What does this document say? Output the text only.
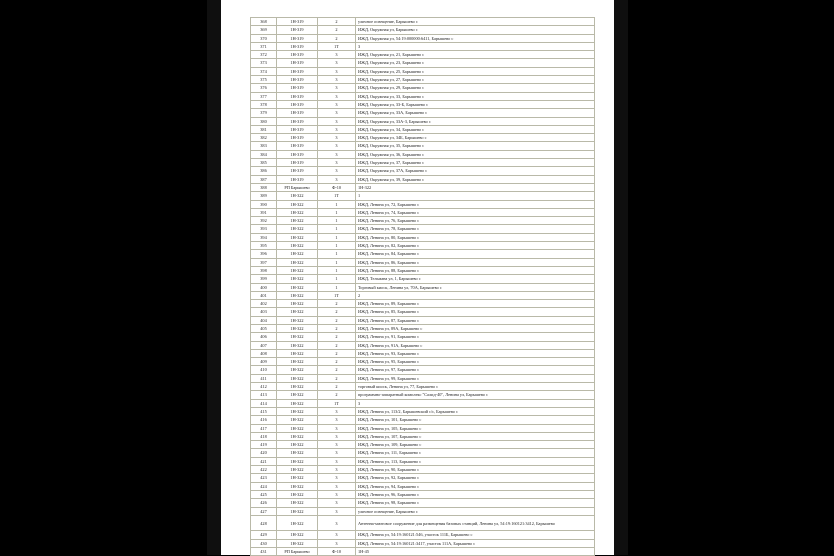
368	1Н-319	2	уличное освещение, Барышево с
369	1Н-319	2	ИЖД, Окружная ул, Барышево с
370	1Н-319	2	ИЖД, Окружная ул, 54:19:000000:6411, Барышево с
371	1Н-319	1Т	3
372	1Н-319	3	ИЖД, Окружная ул, 21, Барышево с
373	1Н-319	3	ИЖД, Окружная ул, 23, Барышево с
374	1Н-319	3	ИЖД, Окружная ул, 25, Барышево с
375	1Н-319	3	ИЖД, Окружная ул, 27, Барышево с
376	1Н-319	3	ИЖД, Окружная ул, 29, Барышево с
377	1Н-319	3	ИЖД, Окружная ул, 33, Барышево с
378	1Н-319	3	ИЖД, Окружная ул, 33-Б, Барышево с
379	1Н-319	3	ИЖД, Окружная ул, 33А, Барышево с
380	1Н-319	3	ИЖД, Окружная ул, 33А-3, Барышево с
381	1Н-319	3	ИЖД, Окружная ул, 34, Барышево с
382	1Н-319	3	ИЖД, Окружная ул, 34Б, Барышево с
383	1Н-319	3	ИЖД, Окружная ул, 35, Барышево с
384	1Н-319	3	ИЖД, Окружная ул, 36, Барышево с
385	1Н-319	3	ИЖД, Окружная ул, 37, Барышево с
386	1Н-319	3	ИЖД, Окружная ул, 37А, Барышево с
387	1Н-319	3	ИЖД, Окружная ул, 39, Барышево с
388	РП Барышево	Ф-10	1Н-322
389	1Н-322	1Т	1
390	1Н-322	1	ИЖД, Ленина ул, 72, Барышево с
391	1Н-322	1	ИЖД, Ленина ул, 74, Барышево с
392	1Н-322	1	ИЖД, Ленина ул, 76, Барышево с
393	1Н-322	1	ИЖД, Ленина ул, 78, Барышево с
394	1Н-322	1	ИЖД, Ленина ул, 80, Барышево с
395	1Н-322	1	ИЖД, Ленина ул, 82, Барышево с
396	1Н-322	1	ИЖД, Ленина ул, 84, Барышево с
397	1Н-322	1	ИЖД, Ленина ул, 86, Барышево с
398	1Н-322	1	ИЖД, Ленина ул, 88, Барышево с
399	1Н-322	1	ИЖД, Тельмана ул, 1, Барышево с
400	1Н-322	1	Торговый киоск, Ленина ул, 70А, Барышево с
401	1Н-322	1Т	2
402	1Н-322	2	ИЖД, Ленина ул, 89, Барышево с
403	1Н-322	2	ИЖД, Ленина ул, 85, Барышево с
404	1Н-322	2	ИЖД, Ленина ул, 87, Барышево с
405	1Н-322	2	ИЖД, Ленина ул, 89А, Барышево с
406	1Н-322	2	ИЖД, Ленина ул, 91, Барышево с
407	1Н-322	2	ИЖД, Ленина ул, 91А, Барышево с
408	1Н-322	2	ИЖД, Ленина ул, 93, Барышево с
409	1Н-322	2	ИЖД, Ленина ул, 95, Барышево с
410	1Н-322	2	ИЖД, Ленина ул, 97, Барышево с
411	1Н-322	2	ИЖД, Ленина ул, 99, Барышево с
412	1Н-322	2	торговый киоск, Ленина ул, 77, Барышево с
413	1Н-322	2	программно-аппаратный комплекс "Салид-40", Ленина ул, Барышево с
414	1Н-322	1Т	3
415	1Н-322	3	ИЖД, Ленина ул, 113/2, Барышевский с/с, Барышево с
416	1Н-322	3	ИЖД, Ленина ул, 101, Барышево с
417	1Н-322	3	ИЖД, Ленина ул, 105, Барышево с
418	1Н-322	3	ИЖД, Ленина ул, 107, Барышево с
419	1Н-322	3	ИЖД, Ленина ул, 109, Барышево с
420	1Н-322	3	ИЖД, Ленина ул, 111, Барышево с
421	1Н-322	3	ИЖД, Ленина ул, 113, Барышево с
422	1Н-322	3	ИЖД, Ленина ул, 90, Барышево с
423	1Н-322	3	ИЖД, Ленина ул, 92, Барышево с
424	1Н-322	3	ИЖД, Ленина ул, 94, Барышево с
425	1Н-322	3	ИЖД, Ленина ул, 96, Барышево с
426	1Н-322	3	ИЖД, Ленина ул, 98, Барышево с
427	1Н-322	3	уличное освещение, Барышево с
428	1Н-322	3	Антенна-мачтовое сооружение для размещения базовых станций, Ленина ул, 54:19:160121:3412, Барышево
429	1Н-322	3	ИЖД, Ленина ул, 54:19:160121:546, участок 111Б, Барышево с
430	1Н-322	3	ИЖД, Ленина ул, 54:19:160121:3417, участок 111А, Барышево с
431	РП Барышево	Ф-10	1Н-45
